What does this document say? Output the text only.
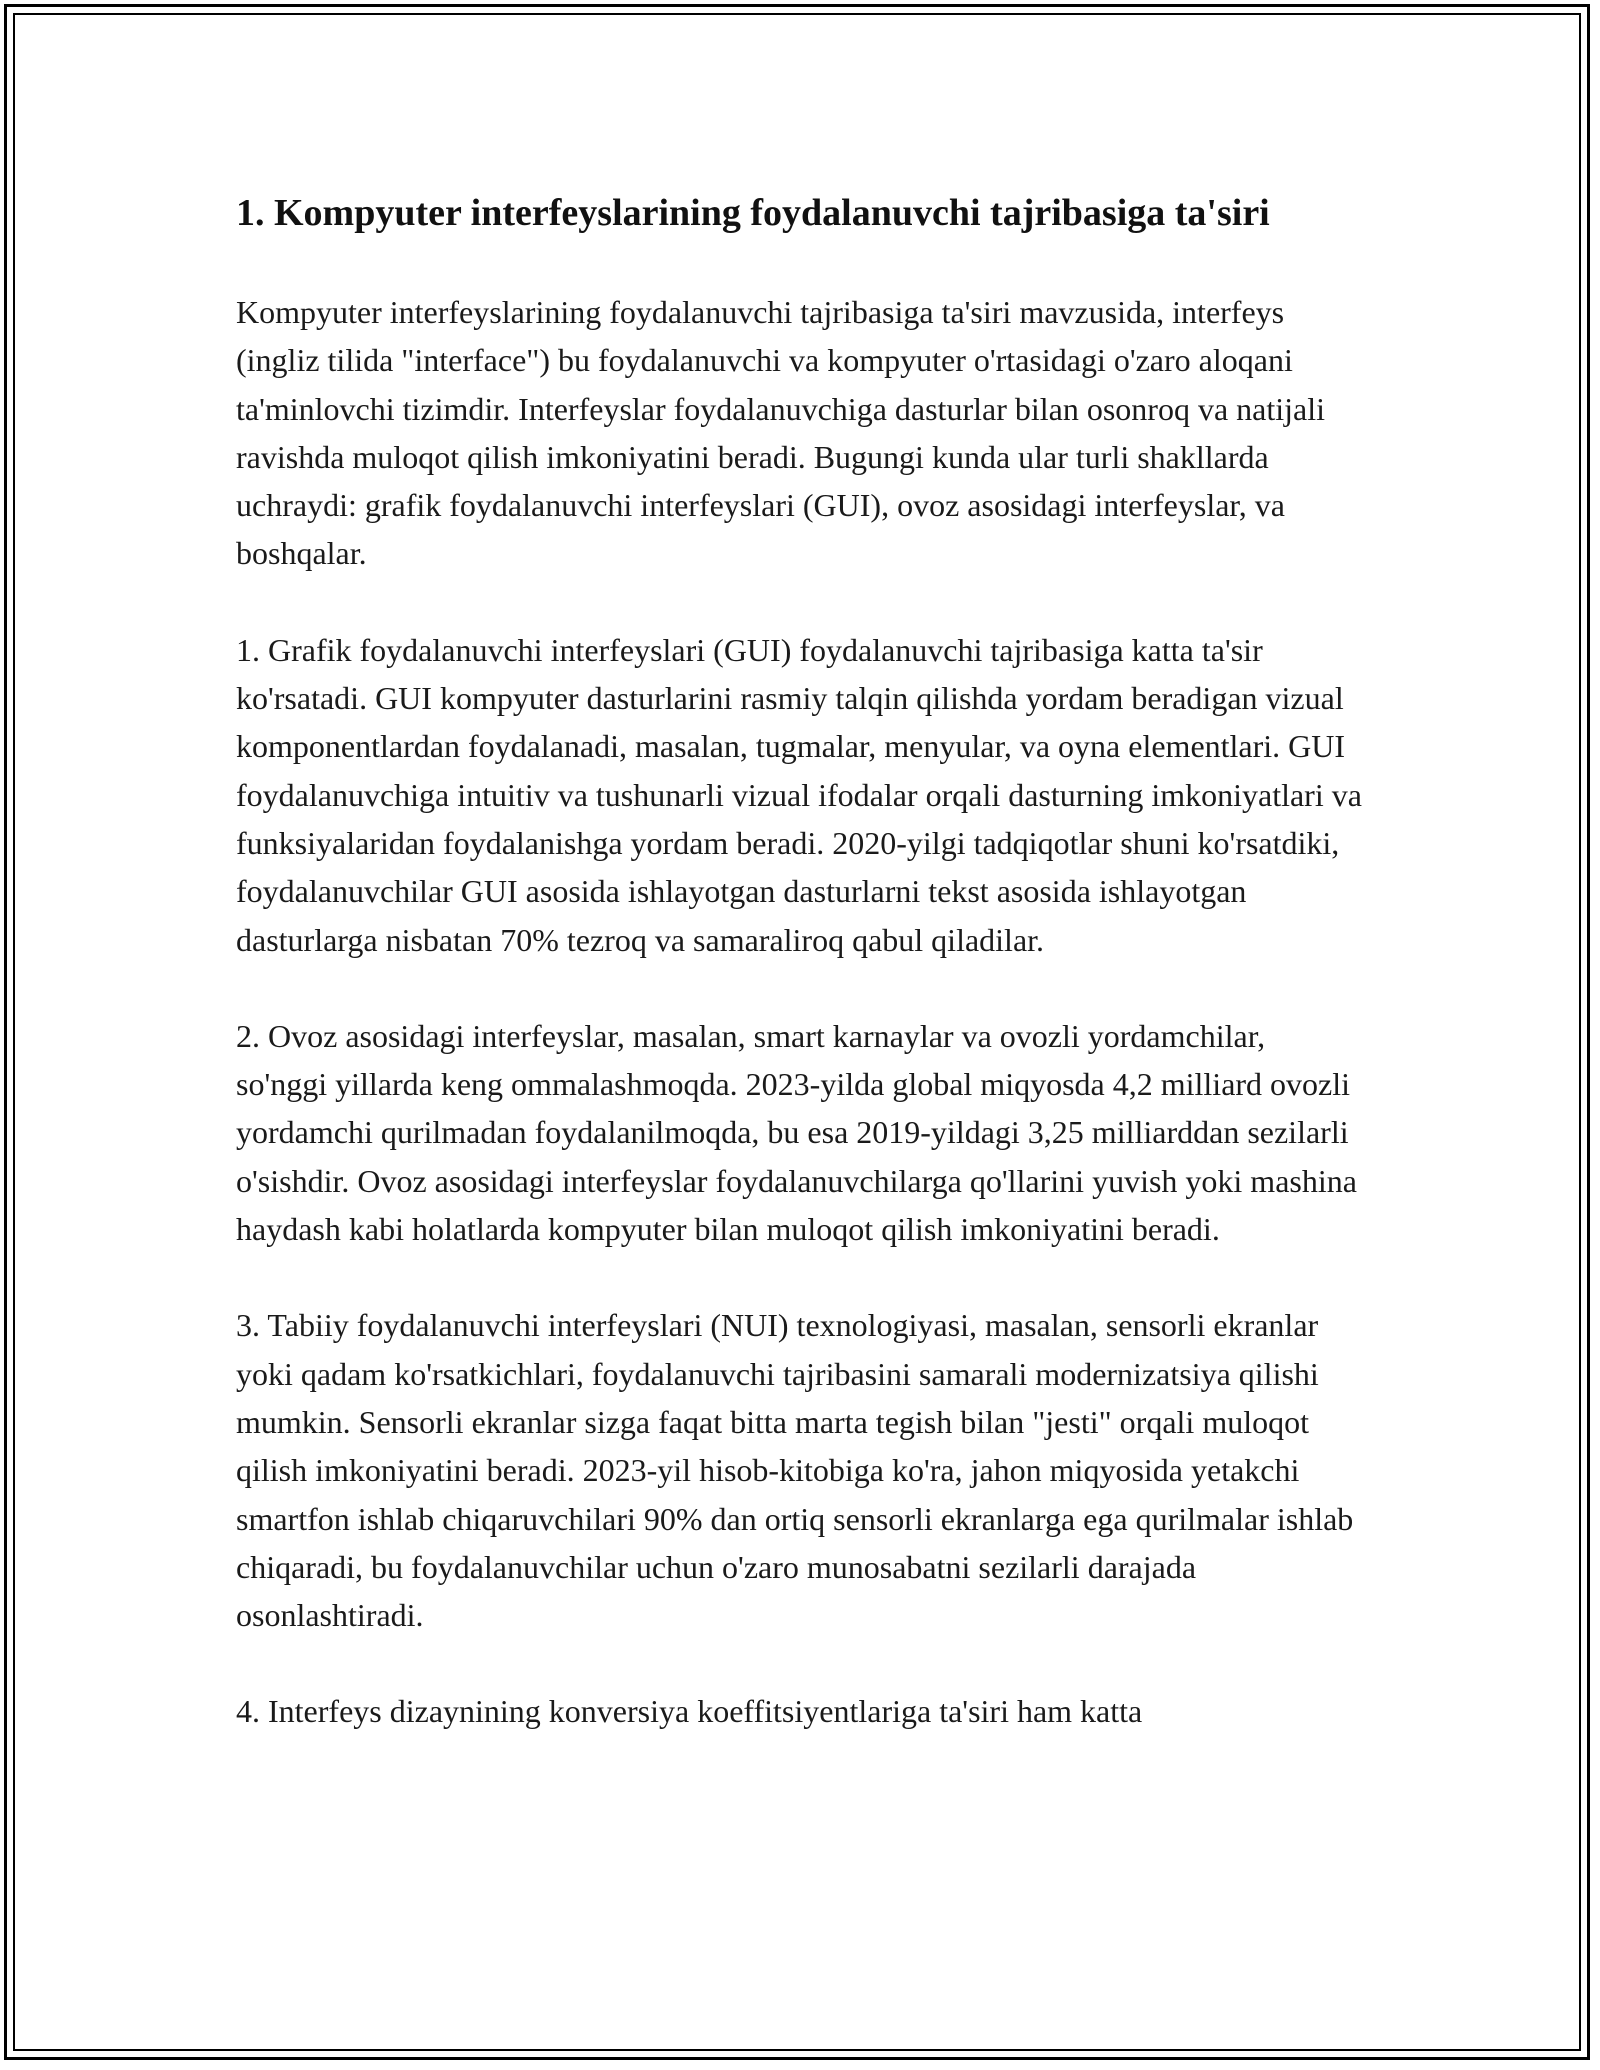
1. Kompyuter interfeyslarining foydalanuvchi tajribasiga ta'siri

Kompyuter interfeyslarining foydalanuvchi tajribasiga ta'siri mavzusida, interfeys (ingliz tilida "interface") bu foydalanuvchi va kompyuter o'rtasidagi o'zaro aloqani ta'minlovchi tizimdir. Interfeyslar foydalanuvchiga dasturlar bilan osonroq va natijali ravishda muloqot qilish imkoniyatini beradi. Bugungi kunda ular turli shakllarda uchraydi: grafik foydalanuvchi interfeyslari (GUI), ovoz asosidagi interfeyslar, va boshqalar.

1. Grafik foydalanuvchi interfeyslari (GUI) foydalanuvchi tajribasiga katta ta'sir ko'rsatadi. GUI kompyuter dasturlarini rasmiy talqin qilishda yordam beradigan vizual komponentlardan foydalanadi, masalan, tugmalar, menyular, va oyna elementlari. GUI foydalanuvchiga intuitiv va tushunarli vizual ifodalar orqali dasturning imkoniyatlari va funksiyalaridan foydalanishga yordam beradi. 2020-yilgi tadqiqotlar shuni ko'rsatdiki, foydalanuvchilar GUI asosida ishlayotgan dasturlarni tekst asosida ishlayotgan dasturlarga nisbatan 70% tezroq va samaraliroq qabul qiladilar.

2. Ovoz asosidagi interfeyslar, masalan, smart karnaylar va ovozli yordamchilar, so'nggi yillarda keng ommalashmoqda. 2023-yilda global miqyosda 4,2 milliard ovozli yordamchi qurilmadan foydalanilmoqda, bu esa 2019-yildagi 3,25 milliarddan sezilarli o'sishdir. Ovoz asosidagi interfeyslar foydalanuvchilarga qo'llarini yuvish yoki mashina haydash kabi holatlarda kompyuter bilan muloqot qilish imkoniyatini beradi.

3. Tabiiy foydalanuvchi interfeyslari (NUI) texnologiyasi, masalan, sensorli ekranlar yoki qadam ko'rsatkichlari, foydalanuvchi tajribasini samarali modernizatsiya qilishi mumkin. Sensorli ekranlar sizga faqat bitta marta tegish bilan "jesti" orqali muloqot qilish imkoniyatini beradi. 2023-yil hisob-kitobiga ko'ra, jahon miqyosida yetakchi smartfon ishlab chiqaruvchilari 90% dan ortiq sensorli ekranlarga ega qurilmalar ishlab chiqaradi, bu foydalanuvchilar uchun o'zaro munosabatni sezilarli darajada osonlashtiradi.

4. Interfeys dizaynining konversiya koeffitsiyentlariga ta'siri ham katta
